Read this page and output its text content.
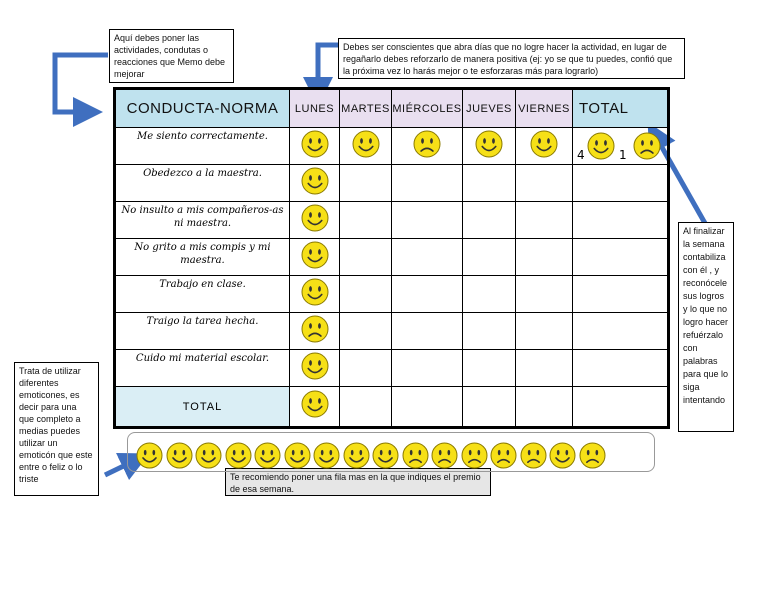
Aquí debes poner las actividades, condutas o reacciones que Memo debe mejorar
Debes ser conscientes que abra días que no logre hacer la actividad, en lugar de regañarlo debes reforzarlo de manera positiva (ej: yo se que tu puedes, confió que la próxima vez lo harás mejor o te esforzaras más para lograrlo)
Al finalizar la semana contabiliza con él , y reconócele sus logros y lo que no logro hacer refuérzalo con palabras para que lo siga intentando
Trata de utilizar diferentes emoticones, es decir para una que completo a medias puedes utilizar un emoticón que este entre o feliz o lo triste	Te recomiendo poner una fila mas en la que indiques el premio de esa semana.
CONDUCTA-NORMA	LUNES	MARTES	MIÉRCOLES	JUEVES	VIERNES	TOTAL
Me siento correctamente.						4 1

Obedezco a la maestra.						
No insulto a mis compañeros-as ni maestra.						
No grito a mis compis y mi maestra.						
Trabajo en clase.						
Traigo la tarea hecha.						
Cuido mi material escolar.						
TOTAL						
